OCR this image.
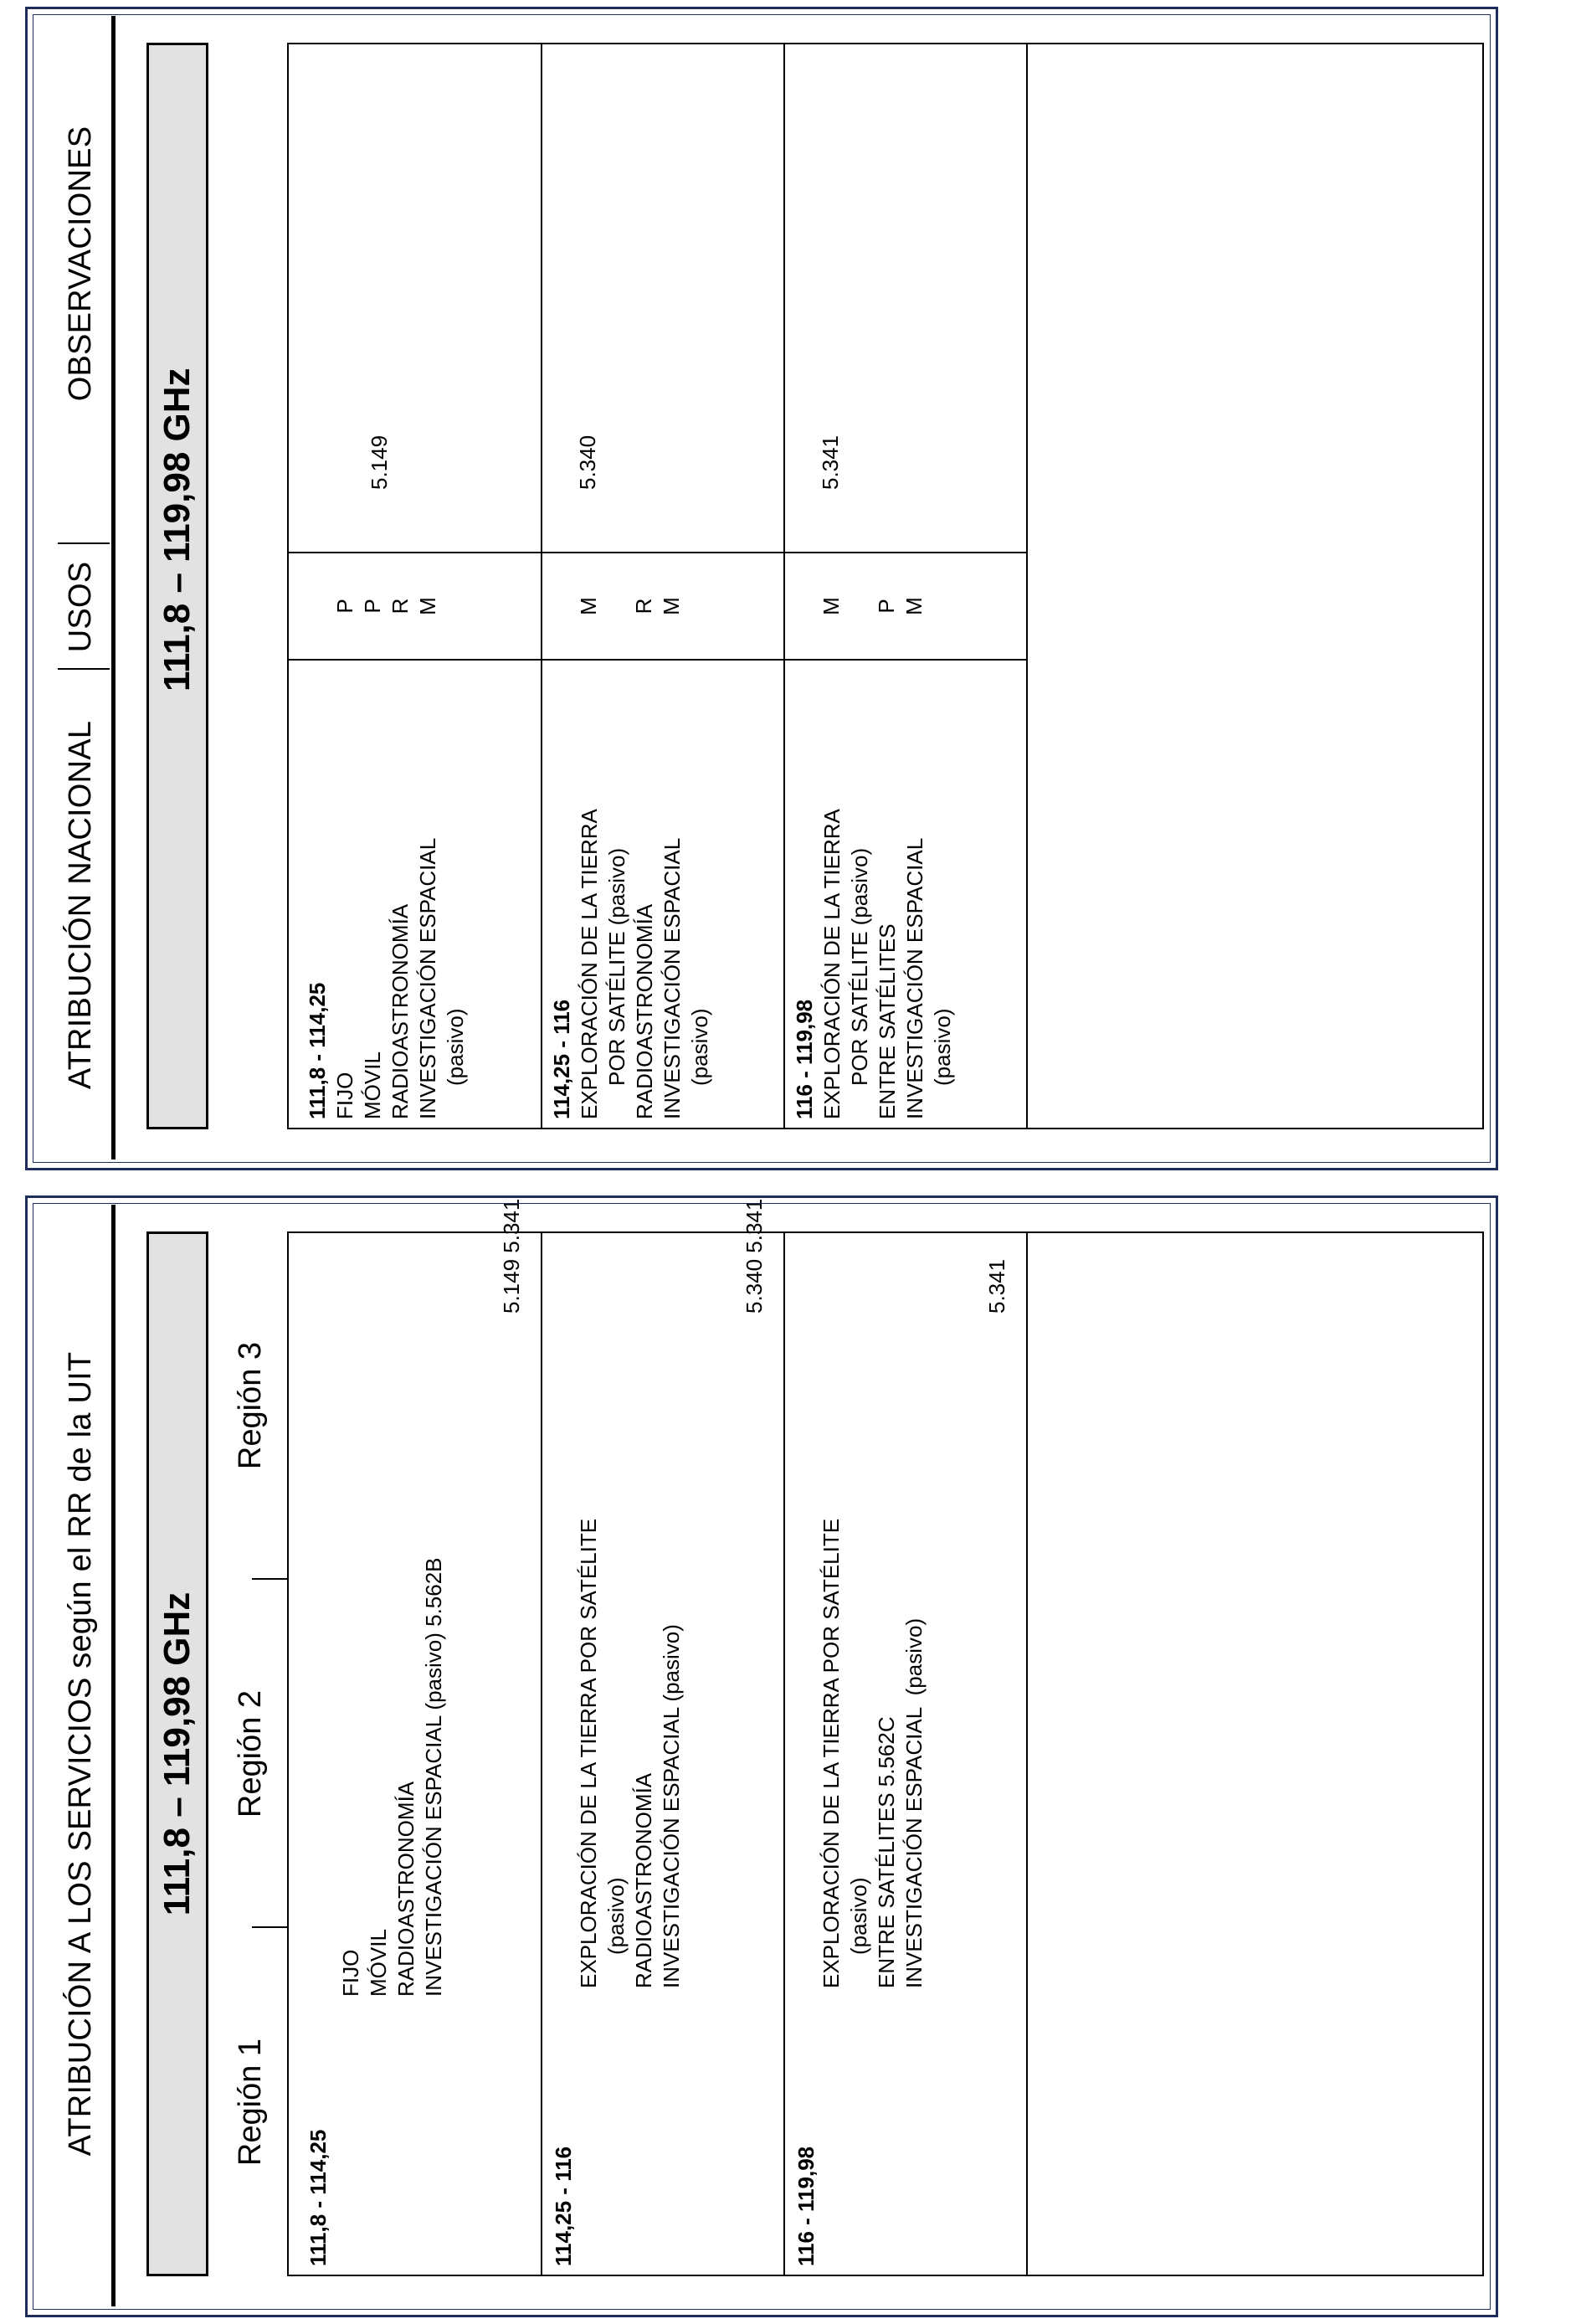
ATRIBUCIÓN A LOS SERVICIOS según el RR de la UIT 111,8 – 119,98 GHz
Región 1
Región 2
Región 3
111,8 - 114,25
FIJO MÓVIL RADIOASTRONOMÍA INVESTIGACIÓN ESPACIAL (pasivo) 5.562B
5.149 5.341
114,25 - 116
EXPLORACIÓN DE LA TIERRA POR SATÉLITE (pasivo) RADIOASTRONOMÍA INVESTIGACIÓN ESPACIAL (pasivo)
5.340 5.341
116 - 119,98
EXPLORACIÓN DE LA TIERRA POR SATÉLITE (pasivo) ENTRE SATÉLITES 5.562C INVESTIGACIÓN ESPACIAL  (pasivo)
5.341
ATRIBUCIÓN NACIONAL
USOS
OBSERVACIONES
111,8 – 119,98 GHz
111,8 - 114,25 FIJO MÓVIL RADIOASTRONOMÍA INVESTIGACIÓN ESPACIAL (pasivo)
P P R M
5.149
114,25 - 116 EXPLORACIÓN DE LA TIERRA POR SATÉLITE (pasivo) RADIOASTRONOMÍA INVESTIGACIÓN ESPACIAL (pasivo)
M
R M
5.340
116 - 119,98 EXPLORACIÓN DE LA TIERRA POR SATÉLITE (pasivo) ENTRE SATÉLITES INVESTIGACIÓN ESPACIAL (pasivo)
M
P M
5.341
